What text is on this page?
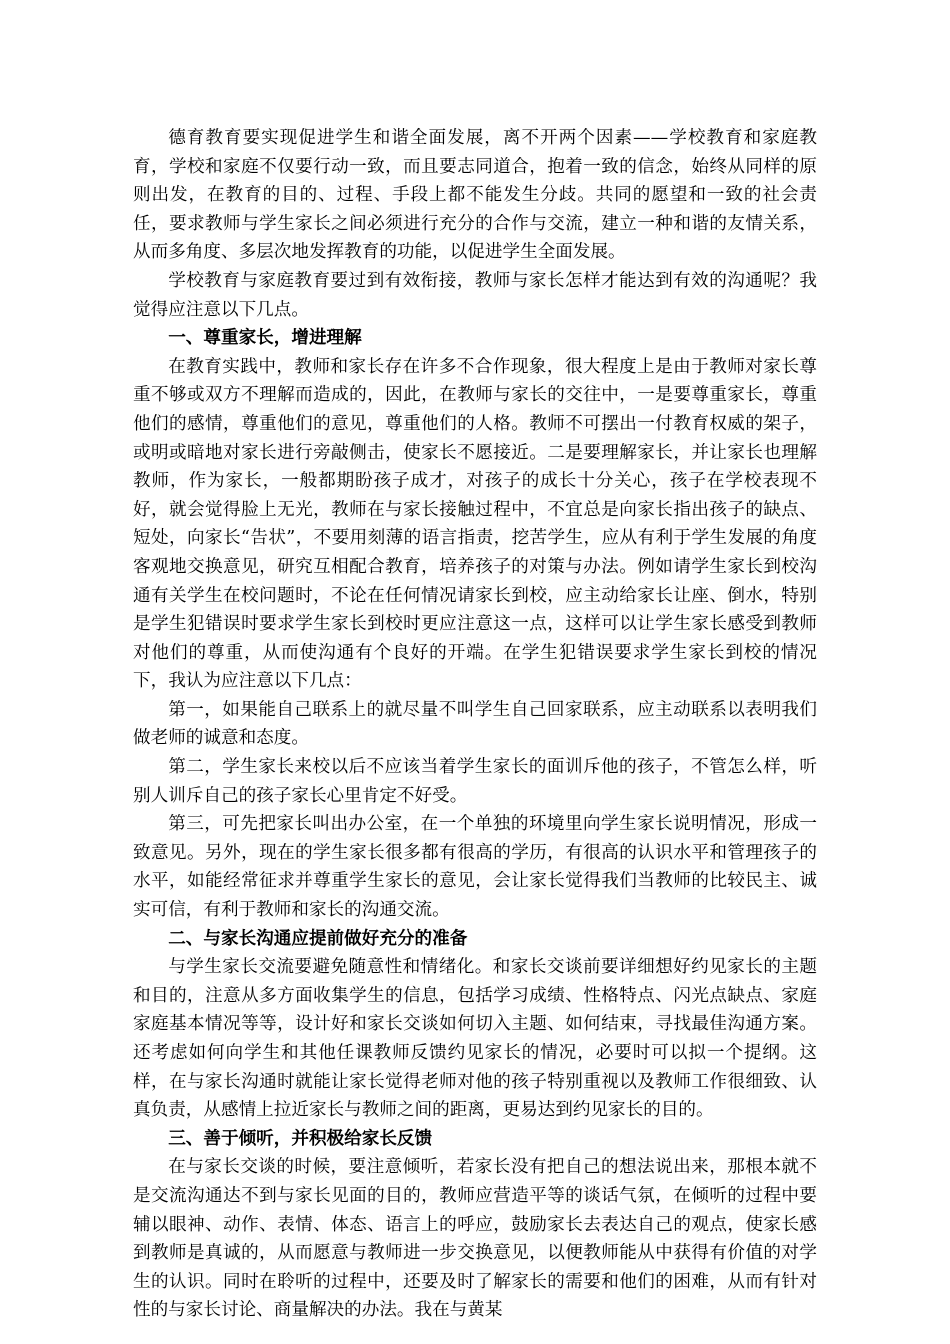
德育教育要实现促进学生和谐全面发展，离不开两个因素——学校教育和家庭教育，学校和家庭不仅要行动一致，而且要志同道合，抱着一致的信念，始终从同样的原则出发，在教育的目的、过程、手段上都不能发生分歧。共同的愿望和一致的社会责任，要求教师与学生家长之间必须进行充分的合作与交流，建立一种和谐的友情关系，从而多角度、多层次地发挥教育的功能，以促进学生全面发展。

学校教育与家庭教育要过到有效衔接，教师与家长怎样才能达到有效的沟通呢？我觉得应注意以下几点。

一、尊重家长，增进理解

在教育实践中，教师和家长存在许多不合作现象，很大程度上是由于教师对家长尊重不够或双方不理解而造成的，因此，在教师与家长的交往中，一是要尊重家长，尊重他们的感情，尊重他们的意见，尊重他们的人格。教师不可摆出一付教育权威的架子，或明或暗地对家长进行旁敲侧击，使家长不愿接近。二是要理解家长，并让家长也理解教师，作为家长，一般都期盼孩子成才，对孩子的成长十分关心，孩子在学校表现不好，就会觉得脸上无光，教师在与家长接触过程中，不宜总是向家长指出孩子的缺点、短处，向家长“告状”，不要用刻薄的语言指责，挖苦学生，应从有利于学生发展的角度客观地交换意见，研究互相配合教育，培养孩子的对策与办法。例如请学生家长到校沟通有关学生在校问题时，不论在任何情况请家长到校，应主动给家长让座、倒水，特别是学生犯错误时要求学生家长到校时更应注意这一点，这样可以让学生家长感受到教师对他们的尊重，从而使沟通有个良好的开端。在学生犯错误要求学生家长到校的情况下，我认为应注意以下几点：

第一，如果能自己联系上的就尽量不叫学生自己回家联系，应主动联系以表明我们做老师的诚意和态度。

第二，学生家长来校以后不应该当着学生家长的面训斥他的孩子，不管怎么样，听别人训斥自己的孩子家长心里肯定不好受。

第三，可先把家长叫出办公室，在一个单独的环境里向学生家长说明情况，形成一致意见。另外，现在的学生家长很多都有很高的学历，有很高的认识水平和管理孩子的水平，如能经常征求并尊重学生家长的意见，会让家长觉得我们当教师的比较民主、诚实可信，有利于教师和家长的沟通交流。

二、与家长沟通应提前做好充分的准备

与学生家长交流要避免随意性和情绪化。和家长交谈前要详细想好约见家长的主题和目的，注意从多方面收集学生的信息，包括学习成绩、性格特点、闪光点缺点、家庭家庭基本情况等等，设计好和家长交谈如何切入主题、如何结束，寻找最佳沟通方案。还考虑如何向学生和其他任课教师反馈约见家长的情况，必要时可以拟一个提纲。这样，在与家长沟通时就能让家长觉得老师对他的孩子特别重视以及教师工作很细致、认真负责，从感情上拉近家长与教师之间的距离，更易达到约见家长的目的。

三、善于倾听，并积极给家长反馈

在与家长交谈的时候，要注意倾听，若家长没有把自己的想法说出来，那根本就不是交流沟通达不到与家长见面的目的，教师应营造平等的谈话气氛，在倾听的过程中要辅以眼神、动作、表情、体态、语言上的呼应，鼓励家长去表达自己的观点，使家长感到教师是真诚的，从而愿意与教师进一步交换意见，以便教师能从中获得有价值的对学生的认识。同时在聆听的过程中，还要及时了解家长的需要和他们的困难，从而有针对性的与家长讨论、商量解决的办法。我在与黄某
